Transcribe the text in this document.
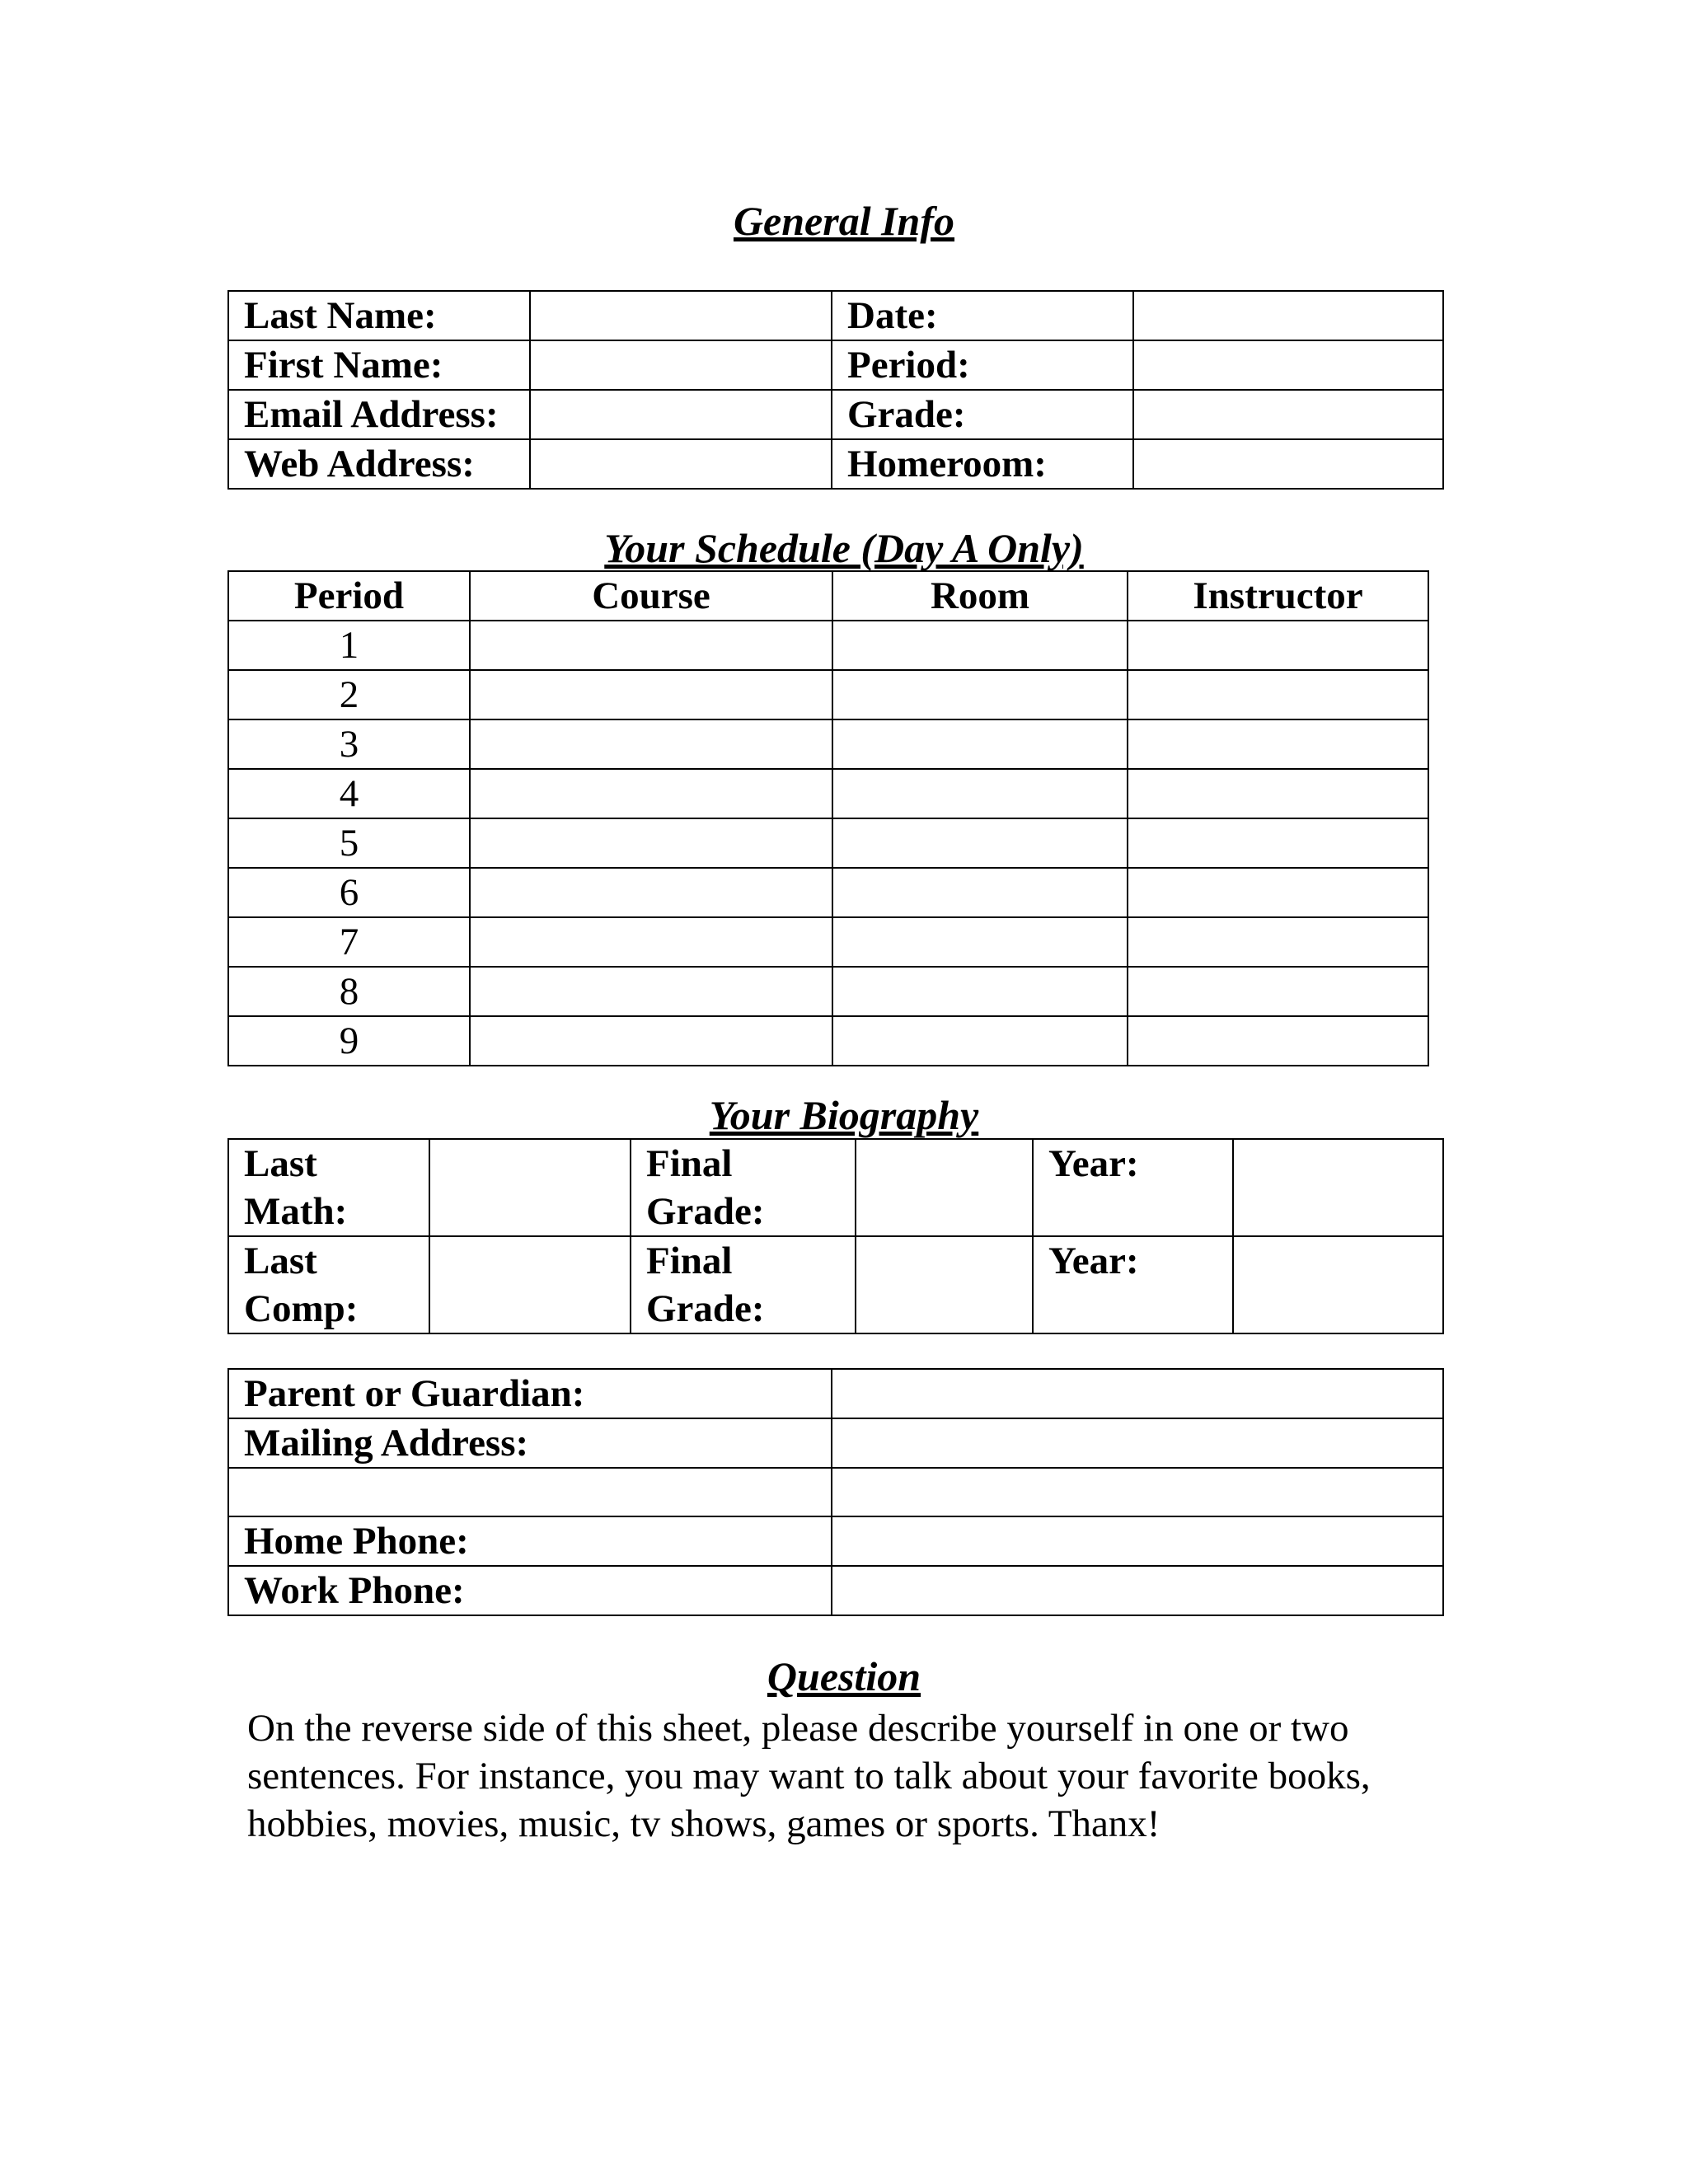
General Info
Last Name:		Date:	
First Name:		Period:	
Email Address:		Grade:	
Web Address:		Homeroom:	
Your Schedule (Day A Only)
Period	Course	Room	Instructor
1			
2			
3			
4			
5			
6			
7			
8			
9			
Your Biography
Last Math:		Final Grade:		Year:	
Last Comp:		Final Grade:		Year:	
Parent or Guardian:	
Mailing Address:	

Home Phone:	
Work Phone:	
Question

On the reverse side of this sheet, please describe yourself in one or two sentences. For instance, you may want to talk about your favorite books, hobbies, movies, music, tv shows, games or sports. Thanx!
